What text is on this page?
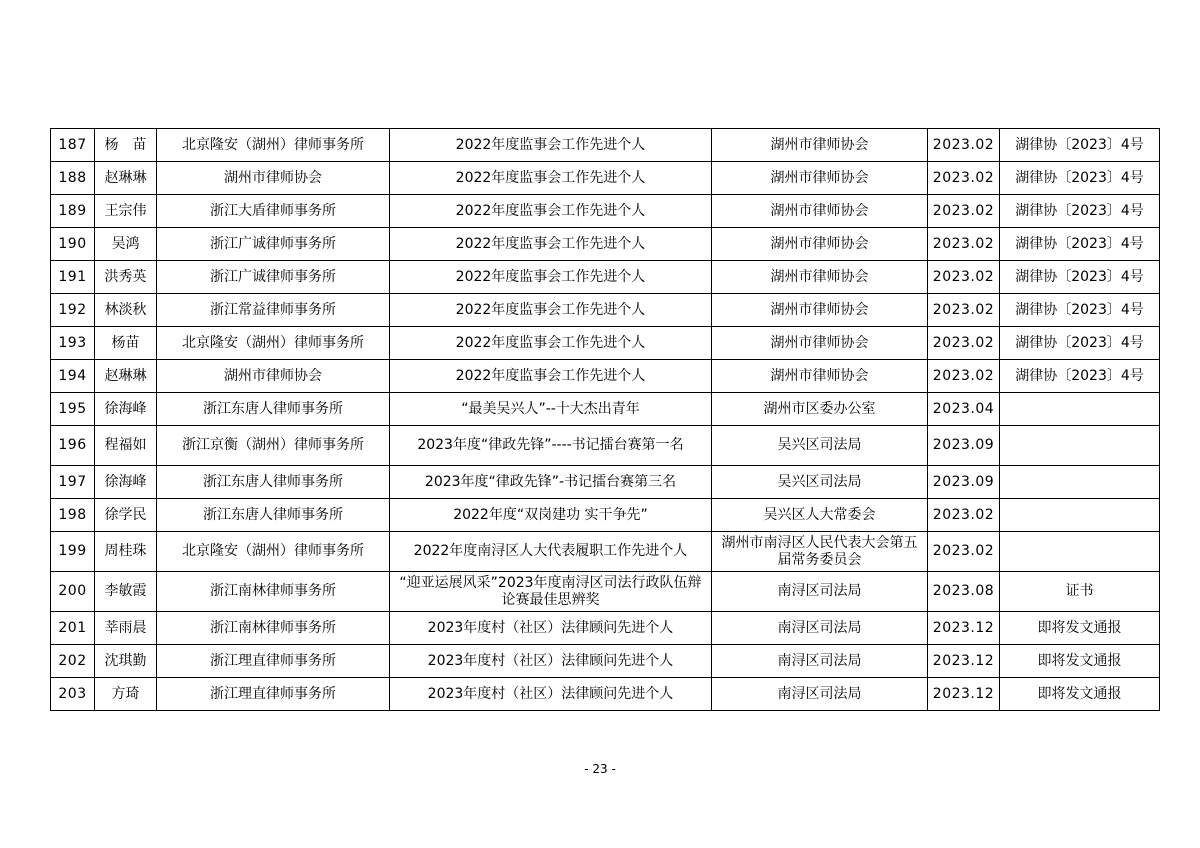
187	杨　苗	北京隆安（湖州）律师事务所	2022年度监事会工作先进个人	湖州市律师协会	2023.02	湖律协〔2023〕4号
188	赵琳琳	湖州市律师协会	2022年度监事会工作先进个人	湖州市律师协会	2023.02	湖律协〔2023〕4号
189	王宗伟	浙江大盾律师事务所	2022年度监事会工作先进个人	湖州市律师协会	2023.02	湖律协〔2023〕4号
190	吴鸿	浙江广诚律师事务所	2022年度监事会工作先进个人	湖州市律师协会	2023.02	湖律协〔2023〕4号
191	洪秀英	浙江广诚律师事务所	2022年度监事会工作先进个人	湖州市律师协会	2023.02	湖律协〔2023〕4号
192	林淡秋	浙江常益律师事务所	2022年度监事会工作先进个人	湖州市律师协会	2023.02	湖律协〔2023〕4号
193	杨苗	北京隆安（湖州）律师事务所	2022年度监事会工作先进个人	湖州市律师协会	2023.02	湖律协〔2023〕4号
194	赵琳琳	湖州市律师协会	2022年度监事会工作先进个人	湖州市律师协会	2023.02	湖律协〔2023〕4号
195	徐海峰	浙江东唐人律师事务所	“最美吴兴人”--十大杰出青年	湖州市区委办公室	2023.04	
196	程福如	浙江京衡（湖州）律师事务所	2023年度“律政先锋”----书记擂台赛第一名	吴兴区司法局	2023.09	
197	徐海峰	浙江东唐人律师事务所	2023年度“律政先锋”-书记擂台赛第三名	吴兴区司法局	2023.09	
198	徐学民	浙江东唐人律师事务所	2022年度“双岗建功 实干争先”	吴兴区人大常委会	2023.02	
199	周桂珠	北京隆安（湖州）律师事务所	2022年度南浔区人大代表履职工作先进个人	湖州市南浔区人民代表大会第五届常务委员会	2023.02	
200	李敏霞	浙江南林律师事务所	“迎亚运展风采”2023年度南浔区司法行政队伍辩论赛最佳思辨奖	南浔区司法局	2023.08	证书
201	莘雨晨	浙江南林律师事务所	2023年度村（社区）法律顾问先进个人	南浔区司法局	2023.12	即将发文通报
202	沈琪勤	浙江理直律师事务所	2023年度村（社区）法律顾问先进个人	南浔区司法局	2023.12	即将发文通报
203	方琦	浙江理直律师事务所	2023年度村（社区）法律顾问先进个人	南浔区司法局	2023.12	即将发文通报
- 23 -
